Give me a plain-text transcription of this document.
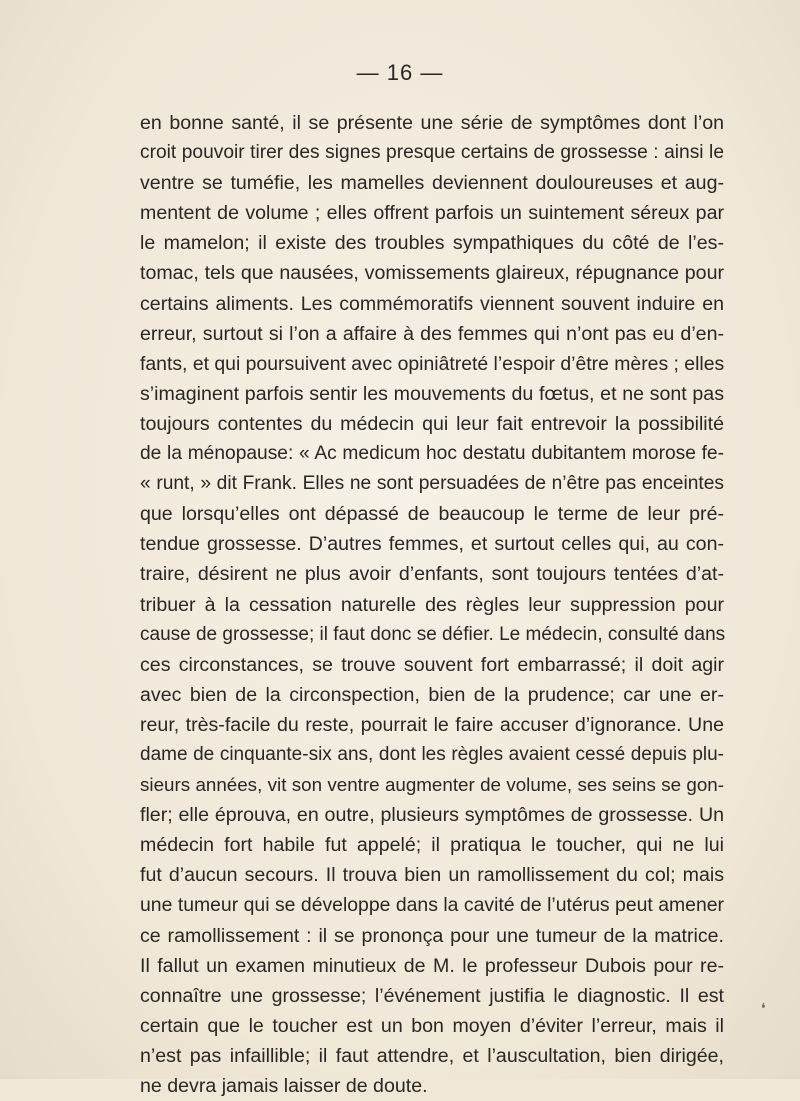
— 16 —
en bonne santé, il se présente une série de symptômes dont l’on
croit pouvoir tirer des signes presque certains de grossesse : ainsi le
ventre se tuméfie, les mamelles deviennent douloureuses et aug-
mentent de volume ; elles offrent parfois un suintement séreux par
le mamelon; il existe des troubles sympathiques du côté de l’es-
tomac, tels que nausées, vomissements glaireux, répugnance pour
certains aliments. Les commémoratifs viennent souvent induire en
erreur, surtout si l’on a affaire à des femmes qui n’ont pas eu d’en-
fants, et qui poursuivent avec opiniâtreté l’espoir d’être mères ; elles
s’imaginent parfois sentir les mouvements du fœtus, et ne sont pas
toujours contentes du médecin qui leur fait entrevoir la possibilité
de la ménopause: « Ac medicum hoc destatu dubitantem morose fe-
« runt, » dit Frank. Elles ne sont persuadées de n’être pas enceintes
que lorsqu’elles ont dépassé de beaucoup le terme de leur pré-
tendue grossesse. D’autres femmes, et surtout celles qui, au con-
traire, désirent ne plus avoir d’enfants, sont toujours tentées d’at-
tribuer à la cessation naturelle des règles leur suppression pour
cause de grossesse; il faut donc se défier. Le médecin, consulté dans
ces circonstances, se trouve souvent fort embarrassé; il doit agir
avec bien de la circonspection, bien de la prudence; car une er-
reur, très-facile du reste, pourrait le faire accuser d’ignorance. Une
dame de cinquante-six ans, dont les règles avaient cessé depuis plu-
sieurs années, vit son ventre augmenter de volume, ses seins se gon-
fler; elle éprouva, en outre, plusieurs symptômes de grossesse. Un
médecin fort habile fut appelé; il pratiqua le toucher, qui ne lui
fut d’aucun secours. Il trouva bien un ramollissement du col; mais
une tumeur qui se développe dans la cavité de l’utérus peut amener
ce ramollissement : il se prononça pour une tumeur de la matrice.
Il fallut un examen minutieux de M. le professeur Dubois pour re-
connaître une grossesse; l’événement justifia le diagnostic. Il est
certain que le toucher est un bon moyen d’éviter l’erreur, mais il
n’est pas infaillible; il faut attendre, et l’auscultation, bien dirigée,
ne devra jamais laisser de doute.
❛
